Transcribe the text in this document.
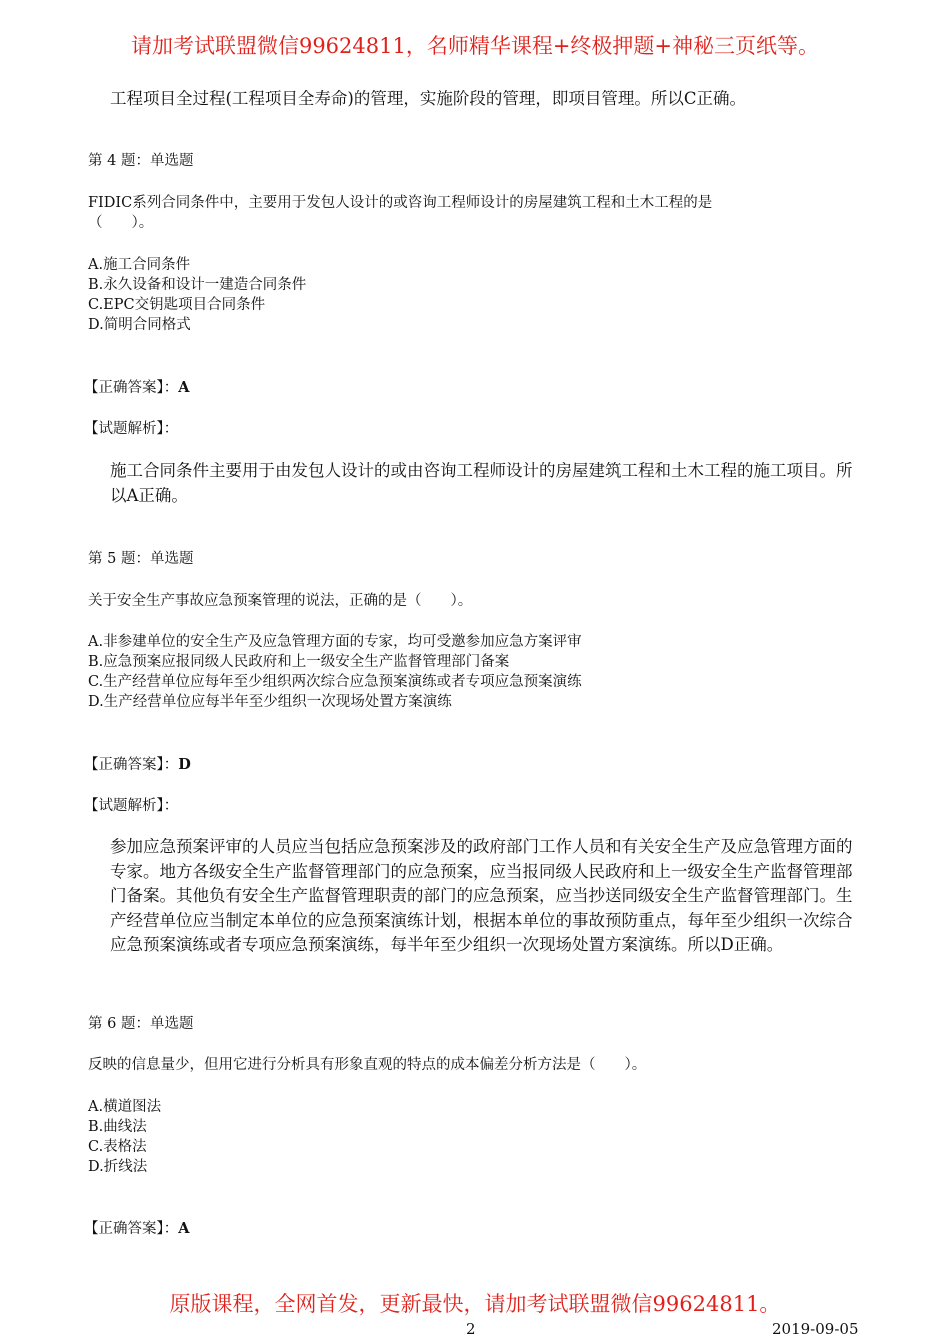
请加考试联盟微信99624811，名师精华课程+终极押题+神秘三页纸等。
工程项目全过程(工程项目全寿命)的管理，实施阶段的管理，即项目管理。所以C正确。
第 4 题：单选题
FIDIC系列合同条件中，主要用于发包人设计的或咨询工程师设计的房屋建筑工程和土木工程的是
（　　）。
A.施工合同条件
B.永久设备和设计一建造合同条件
C.EPC交钥匙项目合同条件
D.简明合同格式
【正确答案】：A
【试题解析】：
施工合同条件主要用于由发包人设计的或由咨询工程师设计的房屋建筑工程和土木工程的施工项目。所以A正确。
第 5 题：单选题
关于安全生产事故应急预案管理的说法，正确的是（　　）。
A.非参建单位的安全生产及应急管理方面的专家，均可受邀参加应急方案评审
B.应急预案应报同级人民政府和上一级安全生产监督管理部门备案
C.生产经营单位应每年至少组织两次综合应急预案演练或者专项应急预案演练
D.生产经营单位应每半年至少组织一次现场处置方案演练
【正确答案】：D
【试题解析】：
参加应急预案评审的人员应当包括应急预案涉及的政府部门工作人员和有关安全生产及应急管理方面的专家。地方各级安全生产监督管理部门的应急预案，应当报同级人民政府和上一级安全生产监督管理部门备案。其他负有安全生产监督管理职责的部门的应急预案，应当抄送同级安全生产监督管理部门。生产经营单位应当制定本单位的应急预案演练计划，根据本单位的事故预防重点，每年至少组织一次综合应急预案演练或者专项应急预案演练，每半年至少组织一次现场处置方案演练。所以D正确。
第 6 题：单选题
反映的信息量少，但用它进行分析具有形象直观的特点的成本偏差分析方法是（　　）。
A.横道图法
B.曲线法
C.表格法
D.折线法
【正确答案】：A
原版课程，全网首发，更新最快，请加考试联盟微信99624811。
2	2019-09-05
